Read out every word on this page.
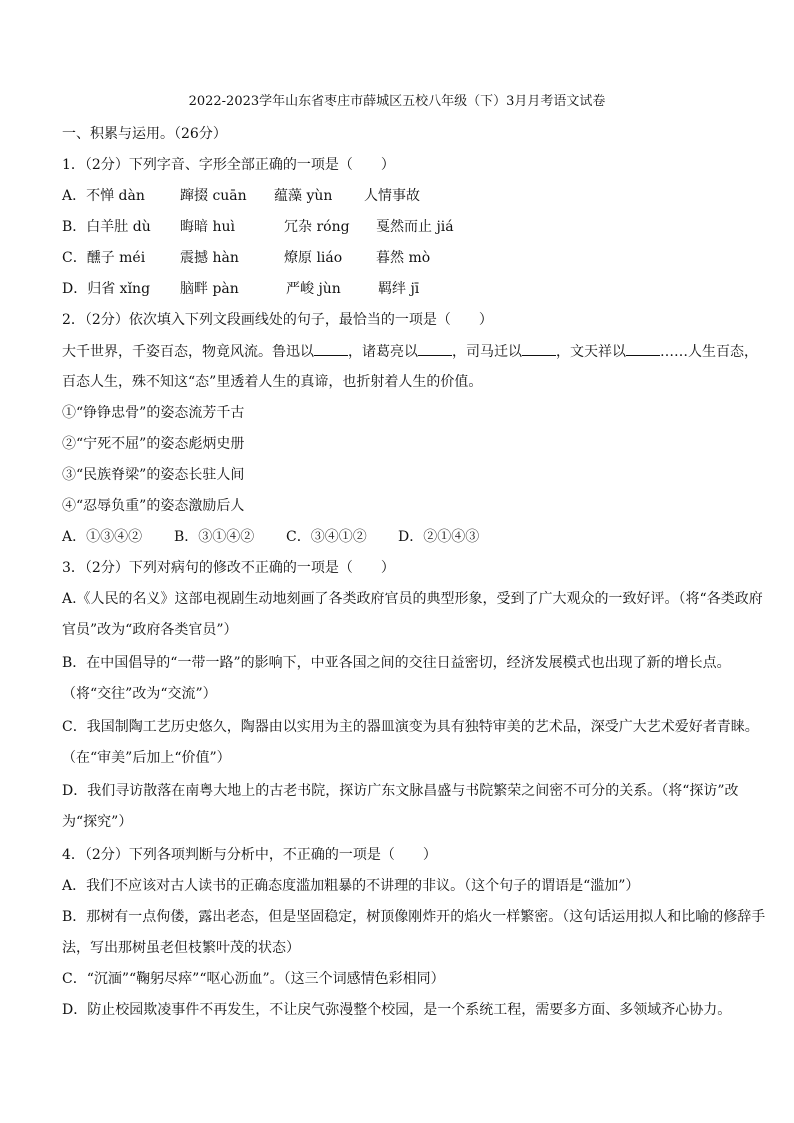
2022-2023学年山东省枣庄市薛城区五校八年级（下）3月月考语文试卷
一、积累与运用。（26分）
1．（2分）下列字音、字形全部正确的一项是（　　）
A．不惮 dàn	蹿掇 cuān 蕴藻 yùn 人情事故
B．白羊肚 dù 晦暗 huì	冗杂 róng 戛然而止 jiá
C．醺子 méi 震撼 hàn	燎原 liáo 暮然 mò
D．归省 xǐng 脑畔 pàn	严峻 jùn	羁绊 jī
2．（2分）依次填入下列文段画线处的句子，最恰当的一项是（　　）
大千世界，千姿百态，物竟风流。鲁迅以 ，诸葛亮以 ，司马迁以 ，文天祥以 ……人生百态，
百态人生，殊不知这“态”里透着人生的真谛，也折射着人生的价值。
①“铮铮忠骨”的姿态流芳千古
②“宁死不屈”的姿态彪炳史册
③“民族脊梁”的姿态长驻人间
④“忍辱负重”的姿态激励后人
A．①③④② B．③①④② C．③④①② D．②①④③
3．（2分）下列对病句的修改不正确的一项是（　　）
A.《人民的名义》这部电视剧生动地刻画了各类政府官员的典型形象，受到了广大观众的一致好评。（将“各类政府官员”改为“政府各类官员”）
B．在中国倡导的“一带一路”的影响下，中亚各国之间的交往日益密切，经济发展模式也出现了新的增长点。（将“交往”改为“交流”）
C．我国制陶工艺历史悠久，陶器由以实用为主的器皿演变为具有独特审美的艺术品，深受广大艺术爱好者青睐。（在“审美”后加上“价值”）
D．我们寻访散落在南粤大地上的古老书院，探访广东文脉昌盛与书院繁荣之间密不可分的关系。（将“探访”改为“探究”）
4．（2分）下列各项判断与分析中，不正确的一项是（　　）
A．我们不应该对古人读书的正确态度滥加粗暴的不讲理的非议。（这个句子的谓语是“滥加”）
B．那树有一点佝偻，露出老态，但是坚固稳定，树顶像刚炸开的焰火一样繁密。（这句话运用拟人和比喻的修辞手法，写出那树虽老但枝繁叶茂的状态）
C．“沉湎”“鞠躬尽瘁”“呕心沥血”。（这三个词感情色彩相同）
D．防止校园欺凌事件不再发生，不让戾气弥漫整个校园，是一个系统工程，需要多方面、多领域齐心协力。
